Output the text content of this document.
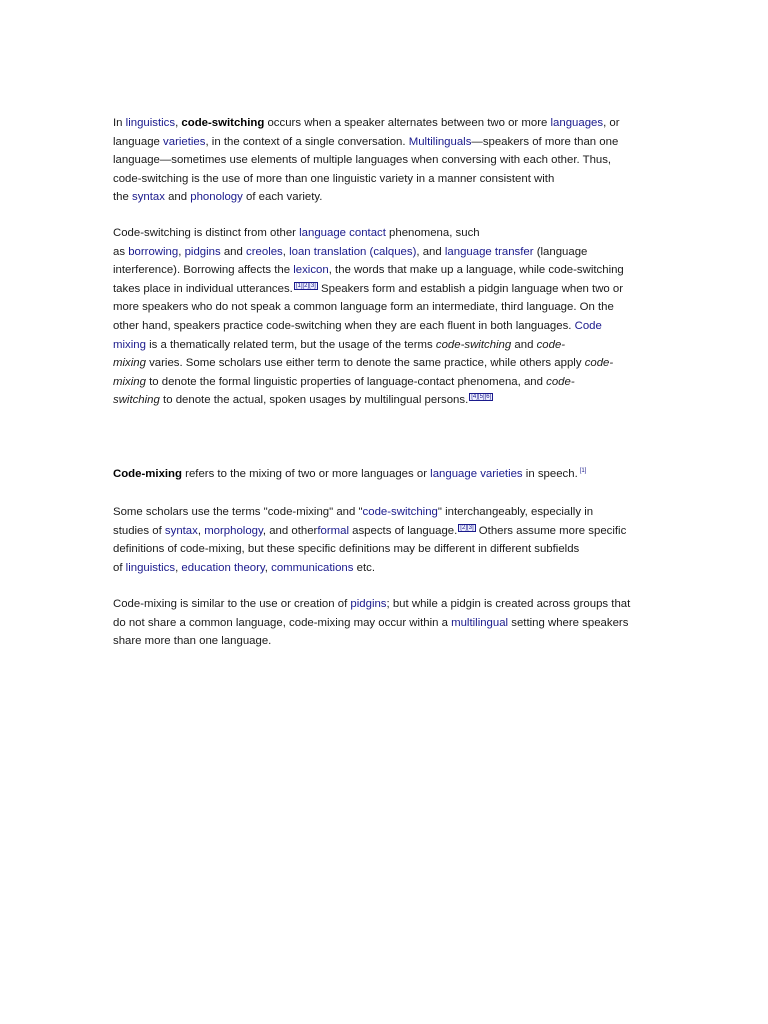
In linguistics, code-switching occurs when a speaker alternates between two or more languages, or
language varieties, in the context of a single conversation. Multilinguals—speakers of more than one
language—sometimes use elements of multiple languages when conversing with each other. Thus,
code-switching is the use of more than one linguistic variety in a manner consistent with
the syntax and phonology of each variety.

Code-switching is distinct from other language contact phenomena, such
as borrowing, pidgins and creoles, loan translation (calques), and language transfer (language
interference). Borrowing affects the lexicon, the words that make up a language, while code-switching
takes place in individual utterances. [1][2][3] Speakers form and establish a pidgin language when two or
more speakers who do not speak a common language form an intermediate, third language. On the
other hand, speakers practice code-switching when they are each fluent in both languages. Code
mixing is a thematically related term, but the usage of the terms code-switching and code-
mixing varies. Some scholars use either term to denote the same practice, while others apply code-
mixing to denote the formal linguistic properties of language-contact phenomena, and code-
switching to denote the actual, spoken usages by multilingual persons. [4][5][6]

Code-mixing refers to the mixing of two or more languages or language varieties in speech. [1]

Some scholars use the terms "code-mixing" and "code-switching" interchangeably, especially in
studies of syntax, morphology, and otherformal aspects of language. [2][3] Others assume more specific
definitions of code-mixing, but these specific definitions may be different in different subfields
of linguistics, education theory, communications etc.

Code-mixing is similar to the use or creation of pidgins; but while a pidgin is created across groups that
do not share a common language, code-mixing may occur within a multilingual setting where speakers
share more than one language.
